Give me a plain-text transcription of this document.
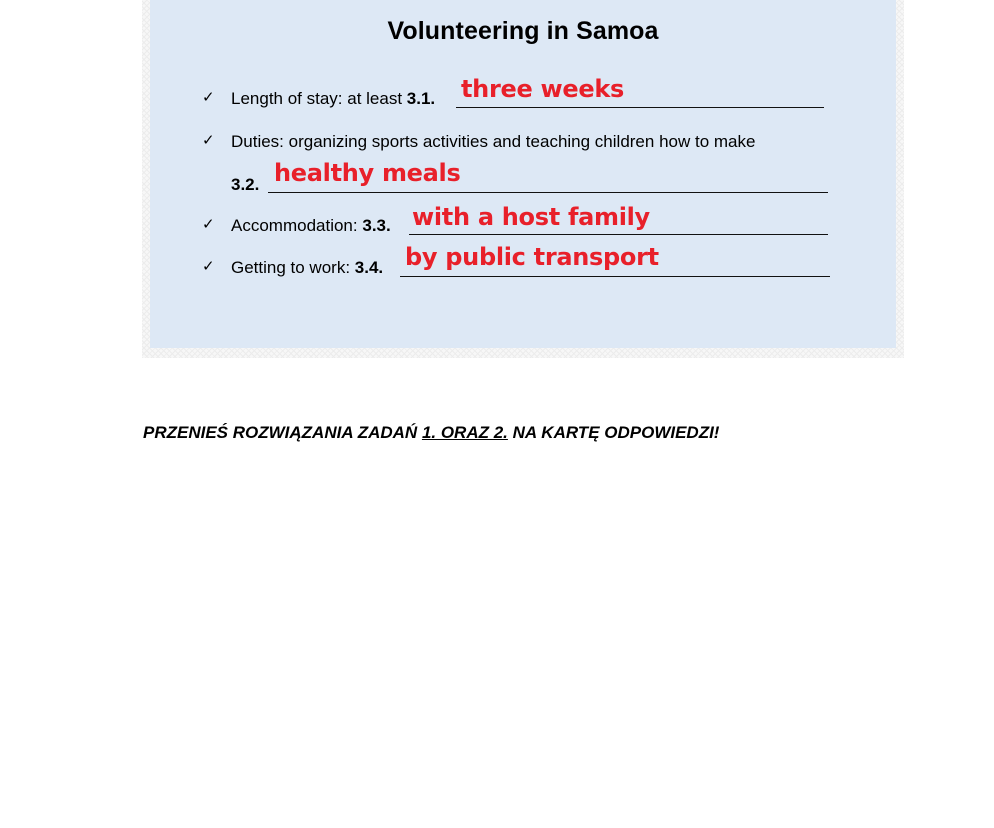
Volunteering in Samoa
✓ Length of stay: at least 3.1. three weeks
✓ Duties: organizing sports activities and teaching children how to make
3.2. healthy meals
✓ Accommodation: 3.3. with a host family
✓ Getting to work: 3.4. by public transport
PRZENIEŚ ROZWIĄZANIA ZADAŃ 1. ORAZ 2. NA KARTĘ ODPOWIEDZI!
